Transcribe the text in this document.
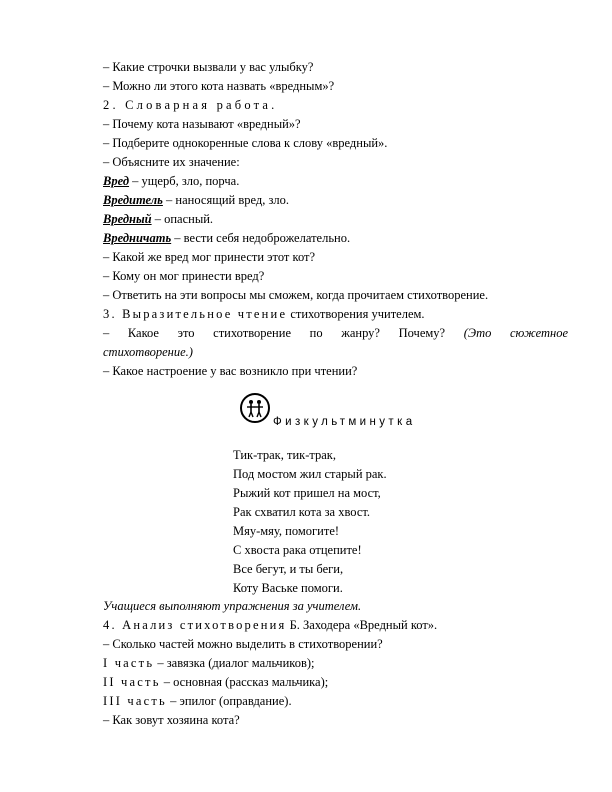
– Какие строчки вызвали у вас улыбку?
– Можно ли этого кота назвать «вредным»?
2. Словарная работа.
– Почему кота называют «вредный»?
– Подберите однокоренные слова к слову «вредный».
– Объясните их значение:
Вред – ущерб, зло, порча.
Вредитель – наносящий вред, зло.
Вредный – опасный.
Вредничать – вести себя недоброжелательно.
– Какой же вред мог принести этот кот?
– Кому он мог принести вред?
– Ответить на эти вопросы мы сможем, когда прочитаем стихотворение.
3. Выразительное чтение стихотворения учителем.
– Какое это стихотворение по жанру? Почему? (Это сюжетное
стихотворение.)
– Какое настроение у вас возникло при чтении?
Физкультминутка
Тик-трак, тик-трак,
Под мостом жил старый рак.
Рыжий кот пришел на мост,
Рак схватил кота за хвост.
Мяу-мяу, помогите!
С хвоста рака отцепите!
Все бегут, и ты беги,
Коту Ваське помоги.
Учащиеся выполняют упражнения за учителем.
4. Анализ стихотворения Б. Заходера «Вредный кот».
– Сколько частей можно выделить в стихотворении?
I часть – завязка (диалог мальчиков);
II часть – основная (рассказ мальчика);
III часть – эпилог (оправдание).
– Как зовут хозяина кота?
